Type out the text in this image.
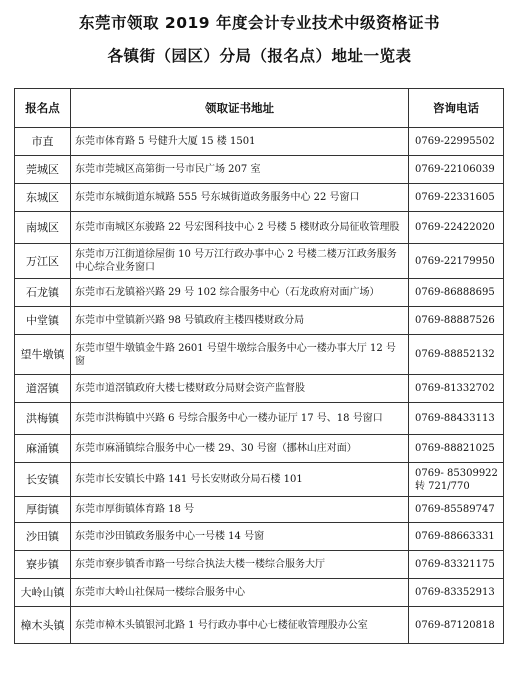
东莞市领取 2019 年度会计专业技术中级资格证书
各镇街（园区）分局（报名点）地址一览表
报名点	领取证书地址	咨询电话
市直	东莞市体育路 5 号健升大厦 15 楼 1501	0769-22995502
莞城区	东莞市莞城区高第街一号市民广场 207 室	0769-22106039
东城区	东莞市东城街道东城路 555 号东城街道政务服务中心 22 号窗口	0769-22331605
南城区	东莞市南城区东骏路 22 号宏图科技中心 2 号楼 5 楼财政分局征收管理股	0769-22422020
万江区	东莞市万江街道徐屋街 10 号万江行政办事中心 2 号楼二楼万江政务服务中心综合业务窗口	0769-22179950
石龙镇	东莞市石龙镇裕兴路 29 号 102 综合服务中心（石龙政府对面广场）	0769-86888695
中堂镇	东莞市中堂镇新兴路 98 号镇政府主楼四楼财政分局	0769-88887526
望牛墩镇	东莞市望牛墩镇金牛路 2601 号望牛墩综合服务中心一楼办事大厅 12 号窗	0769-88852132
道滘镇	东莞市道滘镇政府大楼七楼财政分局财会资产监督股	0769-81332702
洪梅镇	东莞市洪梅镇中兴路 6 号综合服务中心一楼办证厅 17 号、18 号窗口	0769-88433113
麻涌镇	东莞市麻涌镇综合服务中心一楼 29、30 号窗（挪林山庄对面）	0769-88821025
长安镇	东莞市长安镇长中路 141 号长安财政分局石楼 101	0769- 85309922 转 721/770
厚街镇	东莞市厚街镇体育路 18 号	0769-85589747
沙田镇	东莞市沙田镇政务服务中心一号楼 14 号窗	0769-88663331
寮步镇	东莞市寮步镇香市路一号综合执法大楼一楼综合服务大厅	0769-83321175
大岭山镇	东莞市大岭山社保局一楼综合服务中心	0769-83352913
樟木头镇	东莞市樟木头镇银河北路 1 号行政办事中心七楼征收管理股办公室	0769-87120818
